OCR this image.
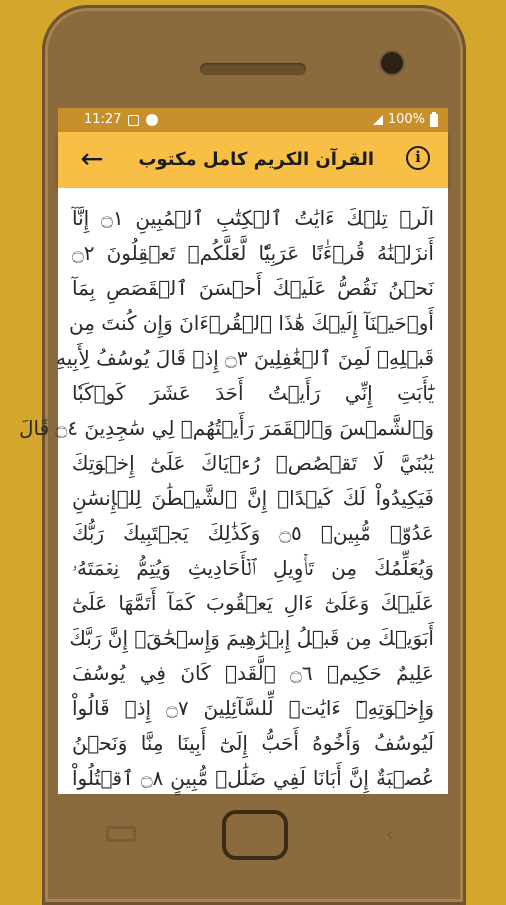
11:27	100%
←	القرآن الكريم كامل مكتوب	i
الٓرۚ تِلۡكَ ءَايَٰتُ ٱلۡكِتَٰبِ ٱلۡمُبِينِ ۝١ إِنَّآ
أَنزَلۡنَٰهُ قُرۡءَٰنًا عَرَبِيّٗا لَّعَلَّكُمۡ تَعۡقِلُونَ ۝٢
نَحۡنُ نَقُصُّ عَلَيۡكَ أَحۡسَنَ ٱلۡقَصَصِ بِمَآ
أَوۡحَيۡنَآ إِلَيۡكَ هَٰذَا ٱلۡقُرۡءَانَ وَإِن كُنتَ مِن
قَبۡلِهِۦ لَمِنَ ٱلۡغَٰفِلِينَ ۝٣ إِذۡ قَالَ يُوسُفُ لِأَبِيهِ
يَٰٓأَبَتِ إِنِّي رَأَيۡتُ أَحَدَ عَشَرَ كَوۡكَبٗا
وَٱلشَّمۡسَ وَٱلۡقَمَرَ رَأَيۡتُهُمۡ لِي سَٰجِدِينَ ۝٤ قَالَ
يَٰبُنَيَّ لَا تَقۡصُصۡ رُءۡيَاكَ عَلَىٰٓ إِخۡوَتِكَ
فَيَكِيدُواْ لَكَ كَيۡدًاۖ إِنَّ ٱلشَّيۡطَٰنَ لِلۡإِنسَٰنِ
عَدُوّٞ مُّبِينٞ ۝٥ وَكَذَٰلِكَ يَجۡتَبِيكَ رَبُّكَ
وَيُعَلِّمُكَ مِن تَأۡوِيلِ ٱلۡأَحَادِيثِ وَيُتِمُّ نِعۡمَتَهُۥ
عَلَيۡكَ وَعَلَىٰٓ ءَالِ يَعۡقُوبَ كَمَآ أَتَمَّهَا عَلَىٰٓ
أَبَوَيۡكَ مِن قَبۡلُ إِبۡرَٰهِيمَ وَإِسۡحَٰقَۚ إِنَّ رَبَّكَ
عَلِيمٌ حَكِيمٞ ۝٦ ۞لَّقَدۡ كَانَ فِي يُوسُفَ
وَإِخۡوَتِهِۦٓ ءَايَٰتٞ لِّلسَّآئِلِينَ ۝٧ إِذۡ قَالُواْ
لَيُوسُفُ وَأَخُوهُ أَحَبُّ إِلَىٰٓ أَبِينَا مِنَّا وَنَحۡنُ
عُصۡبَةٌ إِنَّ أَبَانَا لَفِي ضَلَٰلٖ مُّبِينٍ ۝٨ ٱقۡتُلُواْ
‹
